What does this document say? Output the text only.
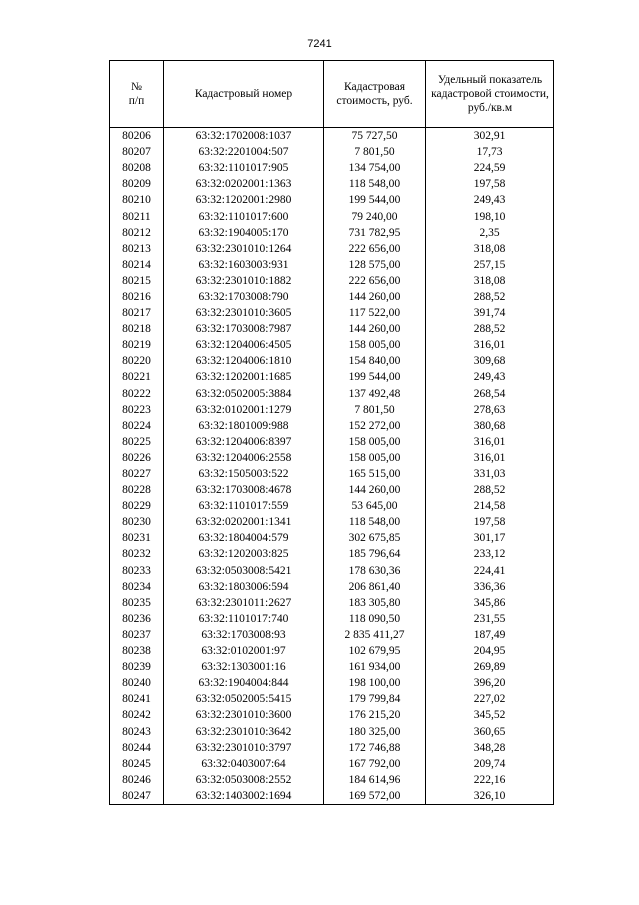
7241
№
п/п	Кадастровый номер	Кадастровая стоимость, руб.	Удельный показатель кадастровой стоимости, руб./кв.м
80206	63:32:1702008:1037	75 727,50	302,91
80207	63:32:2201004:507	7 801,50	17,73
80208	63:32:1101017:905	134 754,00	224,59
80209	63:32:0202001:1363	118 548,00	197,58
80210	63:32:1202001:2980	199 544,00	249,43
80211	63:32:1101017:600	79 240,00	198,10
80212	63:32:1904005:170	731 782,95	2,35
80213	63:32:2301010:1264	222 656,00	318,08
80214	63:32:1603003:931	128 575,00	257,15
80215	63:32:2301010:1882	222 656,00	318,08
80216	63:32:1703008:790	144 260,00	288,52
80217	63:32:2301010:3605	117 522,00	391,74
80218	63:32:1703008:7987	144 260,00	288,52
80219	63:32:1204006:4505	158 005,00	316,01
80220	63:32:1204006:1810	154 840,00	309,68
80221	63:32:1202001:1685	199 544,00	249,43
80222	63:32:0502005:3884	137 492,48	268,54
80223	63:32:0102001:1279	7 801,50	278,63
80224	63:32:1801009:988	152 272,00	380,68
80225	63:32:1204006:8397	158 005,00	316,01
80226	63:32:1204006:2558	158 005,00	316,01
80227	63:32:1505003:522	165 515,00	331,03
80228	63:32:1703008:4678	144 260,00	288,52
80229	63:32:1101017:559	53 645,00	214,58
80230	63:32:0202001:1341	118 548,00	197,58
80231	63:32:1804004:579	302 675,85	301,17
80232	63:32:1202003:825	185 796,64	233,12
80233	63:32:0503008:5421	178 630,36	224,41
80234	63:32:1803006:594	206 861,40	336,36
80235	63:32:2301011:2627	183 305,80	345,86
80236	63:32:1101017:740	118 090,50	231,55
80237	63:32:1703008:93	2 835 411,27	187,49
80238	63:32:0102001:97	102 679,95	204,95
80239	63:32:1303001:16	161 934,00	269,89
80240	63:32:1904004:844	198 100,00	396,20
80241	63:32:0502005:5415	179 799,84	227,02
80242	63:32:2301010:3600	176 215,20	345,52
80243	63:32:2301010:3642	180 325,00	360,65
80244	63:32:2301010:3797	172 746,88	348,28
80245	63:32:0403007:64	167 792,00	209,74
80246	63:32:0503008:2552	184 614,96	222,16
80247	63:32:1403002:1694	169 572,00	326,10
